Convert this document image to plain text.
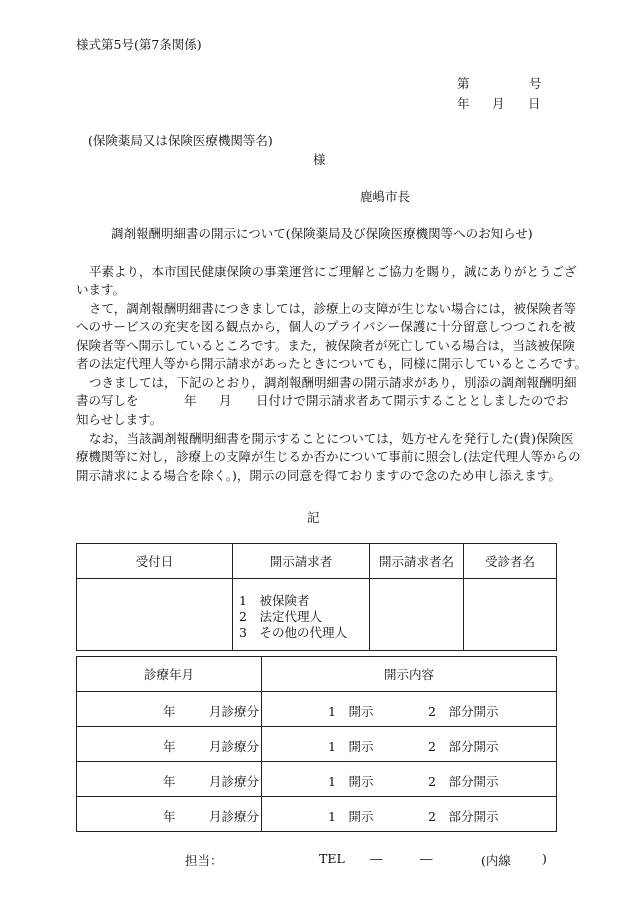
様式第5号(第7条関係)
第	号
年 月 日
(保険薬局又は保険医療機関等名)
様
鹿嶋市長
調剤報酬明細書の開示について(保険薬局及び保険医療機関等へのお知らせ)
平素より，本市国民健康保険の事業運営にご理解とご協力を賜り，誠にありがとうござ
います。
さて，調剤報酬明細書につきましては，診療上の支障が生じない場合には，被保険者等
へのサービスの充実を図る観点から，個人のプライバシー保護に十分留意しつつこれを被
保険者等へ開示しているところです。また，被保険者が死亡している場合は，当該被保険
者の法定代理人等から開示請求があったときについても，同様に開示しているところです。
つきましては，下記のとおり，調剤報酬明細書の開示請求があり，別添の調剤報酬明細
書の写しを	年 月 日付けで開示請求者あて開示することとしましたのでお
知らせします。
なお，当該調剤報酬明細書を開示することについては，処方せんを発行した(貴)保険医
療機関等に対し，診療上の支障が生じるか否かについて事前に照会し(法定代理人等からの
開示請求による場合を除く。)，開示の同意を得ておりますので念のため申し添えます。
記
受付日	開示請求者	開示請求者名	受診者名

	1　被保険者
2　法定代理人
3　その他の代理人		

診療年月	開示内容

年 月診療分	1　開示 2　部分開示

年 月診療分	1　開示 2　部分開示

年 月診療分	1　開示 2　部分開示

年 月診療分	1　開示 2　部分開示
担当：	TEL ―	―	(内線 )
